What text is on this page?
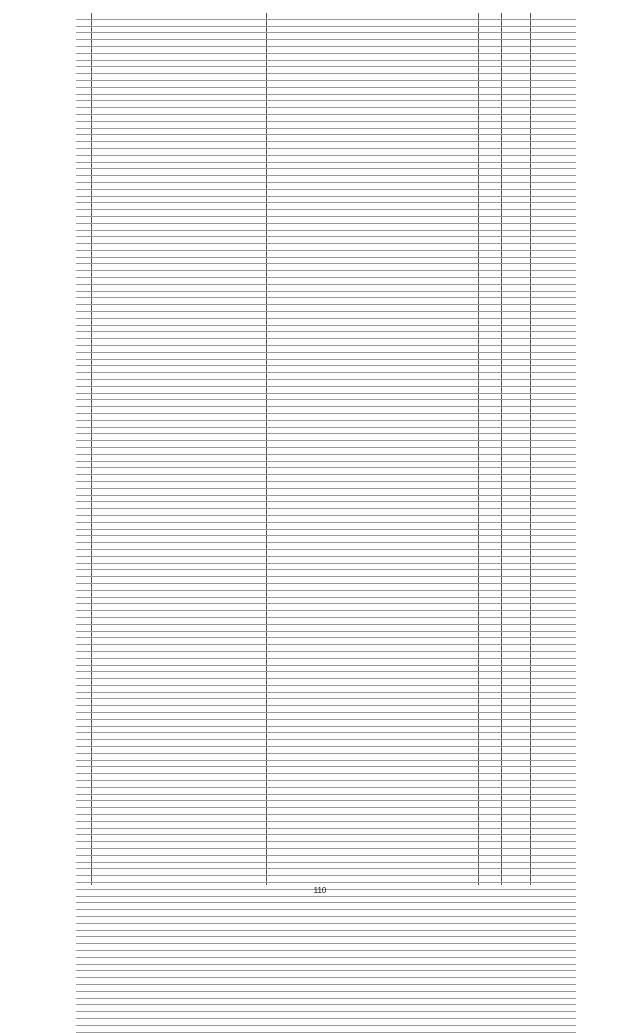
110
